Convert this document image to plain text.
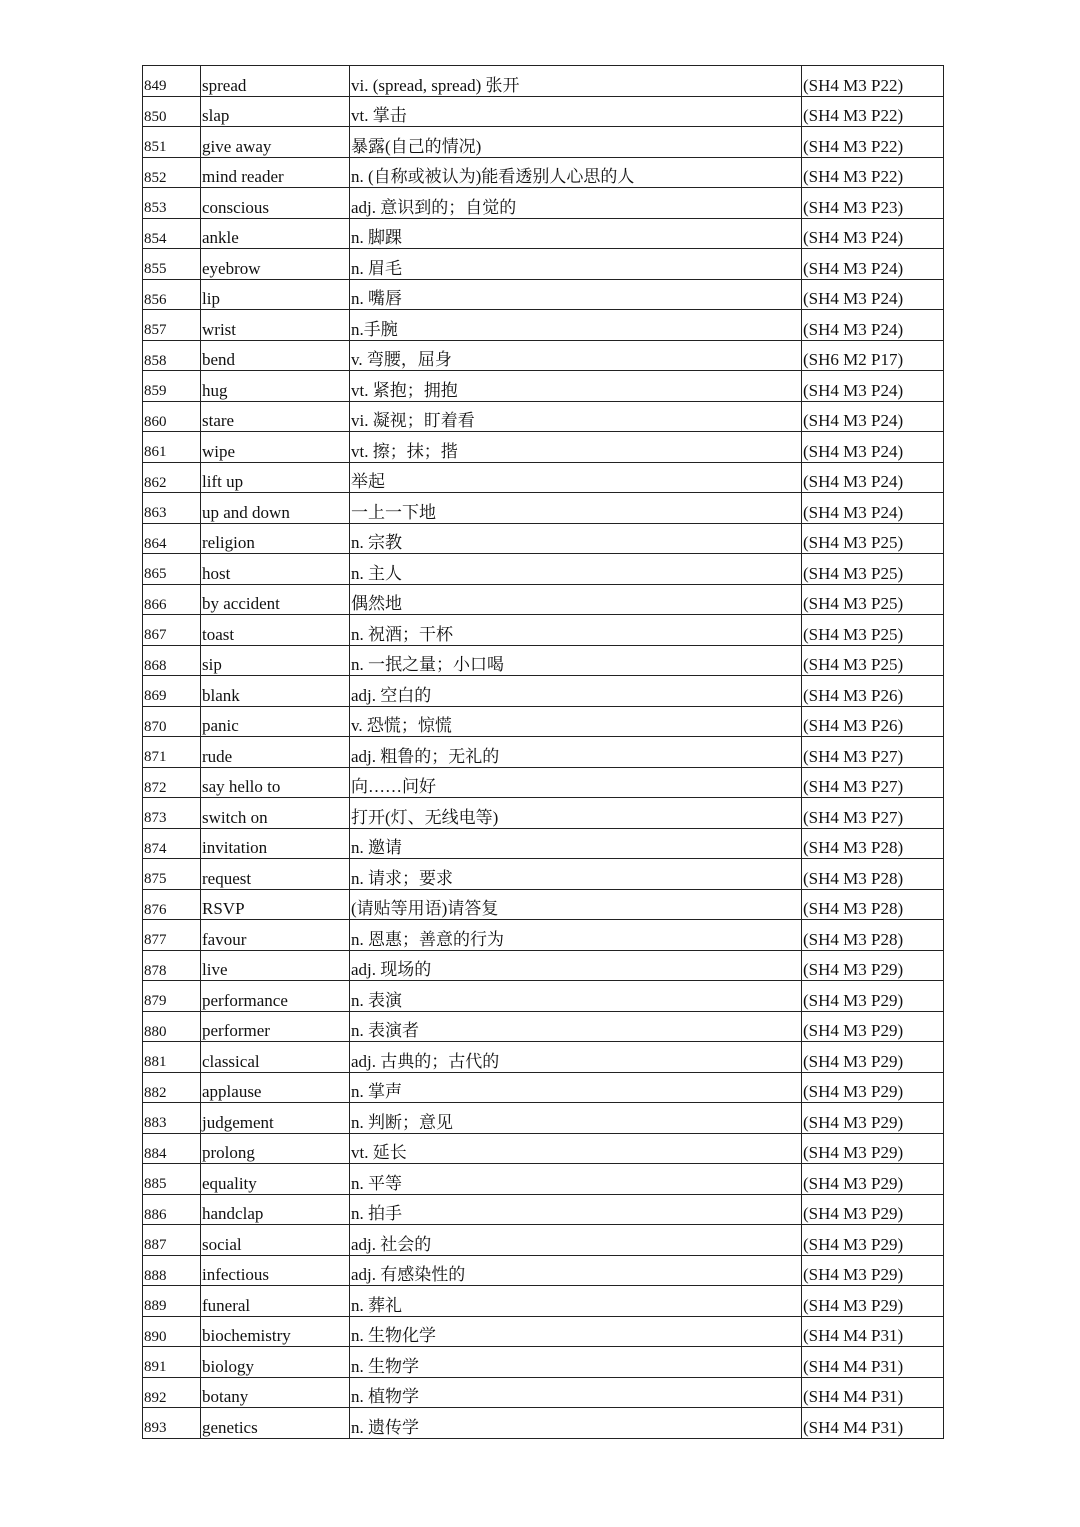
849	spread	vi. (spread, spread) 张开	(SH4 M3 P22)
850	slap	vt. 掌击	(SH4 M3 P22)
851	give away	暴露(自己的情况)	(SH4 M3 P22)
852	mind reader	n. (自称或被认为)能看透别人心思的人	(SH4 M3 P22)
853	conscious	adj. 意识到的；自觉的	(SH4 M3 P23)
854	ankle	n. 脚踝	(SH4 M3 P24)
855	eyebrow	n. 眉毛	(SH4 M3 P24)
856	lip	n. 嘴唇	(SH4 M3 P24)
857	wrist	n.手腕	(SH4 M3 P24)
858	bend	v. 弯腰，屈身	(SH6 M2 P17)
859	hug	vt. 紧抱；拥抱	(SH4 M3 P24)
860	stare	vi. 凝视；盯着看	(SH4 M3 P24)
861	wipe	vt. 擦；抹；揩	(SH4 M3 P24)
862	lift up	举起	(SH4 M3 P24)
863	up and down	一上一下地	(SH4 M3 P24)
864	religion	n. 宗教	(SH4 M3 P25)
865	host	n. 主人	(SH4 M3 P25)
866	by accident	偶然地	(SH4 M3 P25)
867	toast	n. 祝酒；干杯	(SH4 M3 P25)
868	sip	n. 一抿之量；小口喝	(SH4 M3 P25)
869	blank	adj. 空白的	(SH4 M3 P26)
870	panic	v. 恐慌；惊慌	(SH4 M3 P26)
871	rude	adj. 粗鲁的；无礼的	(SH4 M3 P27)
872	say hello to	向……问好	(SH4 M3 P27)
873	switch on	打开(灯、无线电等)	(SH4 M3 P27)
874	invitation	n. 邀请	(SH4 M3 P28)
875	request	n. 请求；要求	(SH4 M3 P28)
876	RSVP	(请贴等用语)请答复	(SH4 M3 P28)
877	favour	n. 恩惠；善意的行为	(SH4 M3 P28)
878	live	adj. 现场的	(SH4 M3 P29)
879	performance	n. 表演	(SH4 M3 P29)
880	performer	n. 表演者	(SH4 M3 P29)
881	classical	adj. 古典的；古代的	(SH4 M3 P29)
882	applause	n. 掌声	(SH4 M3 P29)
883	judgement	n. 判断；意见	(SH4 M3 P29)
884	prolong	vt. 延长	(SH4 M3 P29)
885	equality	n. 平等	(SH4 M3 P29)
886	handclap	n. 拍手	(SH4 M3 P29)
887	social	adj. 社会的	(SH4 M3 P29)
888	infectious	adj. 有感染性的	(SH4 M3 P29)
889	funeral	n. 葬礼	(SH4 M3 P29)
890	biochemistry	n. 生物化学	(SH4 M4 P31)
891	biology	n. 生物学	(SH4 M4 P31)
892	botany	n. 植物学	(SH4 M4 P31)
893	genetics	n. 遗传学	(SH4 M4 P31)
